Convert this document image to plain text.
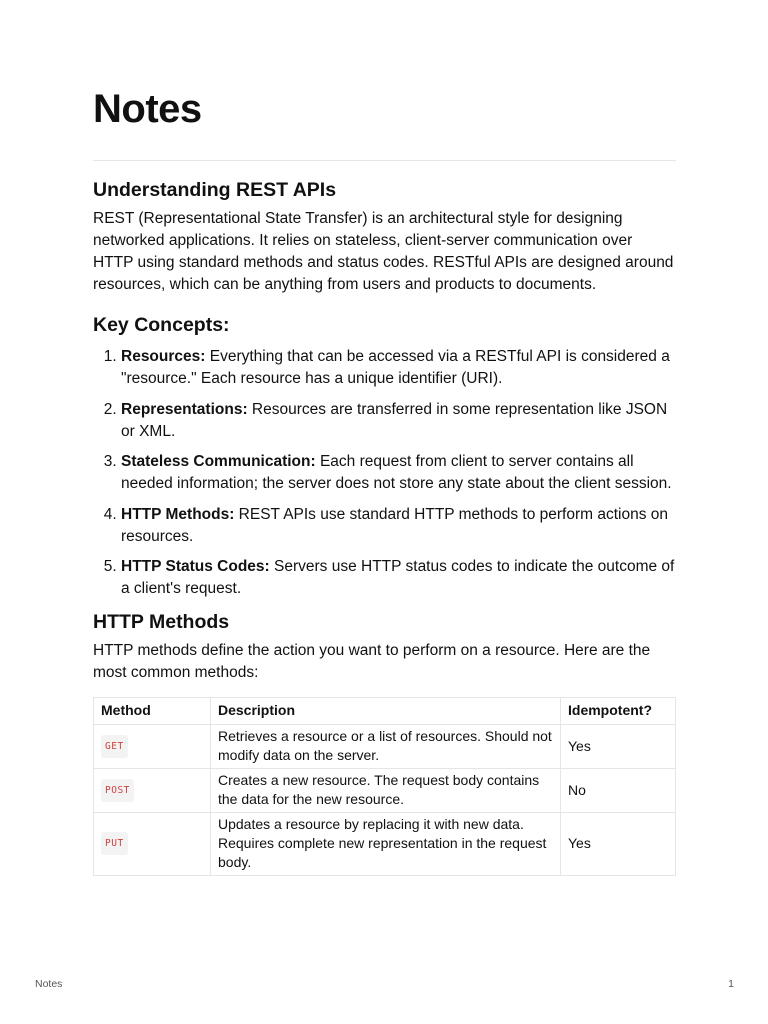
Notes
Understanding REST APIs

REST (Representational State Transfer) is an architectural style for designing networked applications. It relies on stateless, client-server communication over HTTP using standard methods and status codes. RESTful APIs are designed around resources, which can be anything from users and products to documents.

Key Concepts:
1. Resources: Everything that can be accessed via a RESTful API is considered a "resource." Each resource has a unique identifier (URI).
2. Representations: Resources are transferred in some representation like JSON or XML.
3. Stateless Communication: Each request from client to server contains all needed information; the server does not store any state about the client session.
4. HTTP Methods: REST APIs use standard HTTP methods to perform actions on resources.
5. HTTP Status Codes: Servers use HTTP status codes to indicate the outcome of a client's request.
HTTP Methods

HTTP methods define the action you want to perform on a resource. Here are the most common methods:

Method	Description	Idempotent?
GET	Retrieves a resource or a list of resources. Should not modify data on the server.	Yes
POST	Creates a new resource. The request body contains the data for the new resource.	No
PUT	Updates a resource by replacing it with new data. Requires complete new representation in the request body.	Yes
Notes	1
